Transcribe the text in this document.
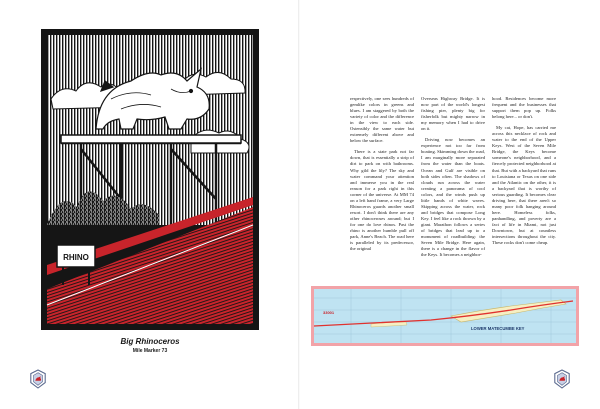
RHINO
Big Rhinoceros
Mile Marker 73

respectively, one sees hundreds of gemlike colors in greens and blues. I am staggered by both the variety of color and the difference in the view to each side. Ostensibly the same water but extremely different above and below the surface.

There is a state park not far down, that is essentially a strip of dirt to park on with bathrooms. Why gild the lily? The sky and water command your attention and immerse you in the real reason for a park right in this corner of the universe. At MM 74 on a left hand frame, a very Large Rhinoceros guards another small resort. I don't think there are any other rhinoceroses around; but I for one do love rhinos. Past the rhino is another humble pull off park, Anne's Beach. The road here is paralleled by its predecessor, the original

Overseas Highway Bridge. It is now part of the world's longest fishing pier, plenty big for fisherfolk but mighty narrow in my memory when I had to drive on it.

Driving now becomes an experience not too far from boating. Skimming down the road, I am marginally more separated from the water than the boats. Ocean and Gulf are visible on both sides often. The shadows of clouds run across the water creating a panorama of cool colors, and the winds push up little bands of white waves. Skipping across the water, rock and bridges that compose Long Key. I feel like a rock thrown by a giant. Marathon follows a series of bridges that lead up to a monument of roadbuilding: the Seven Mile Bridge. Here again, there is a change in the flavor of the Keys. It becomes a neighbor-

hood. Residences become more frequent and the businesses that support them pop up. Folks belong here... or don't.

My cat, Hope, has carried me across this necklace of rock and water to the end of the Upper Keys. West of the Seven Mile Bridge, the Keys become someone's neighborhood, and a fiercely protected neighborhood at that. But with a backyard that runs to Louisiana or Texas on one side and the Atlantic on the other, it is a backyard that is worthy of serious guarding. It becomes clear driving here, that there aren't so many poor folk hanging around here. Homeless folks, panhandling, and poverty are a fact of life in Miami, not just Downtown, but at countless intersections throughout the city. These rocks don't come cheap.

LOWER MATECUMBE KEY
33001
